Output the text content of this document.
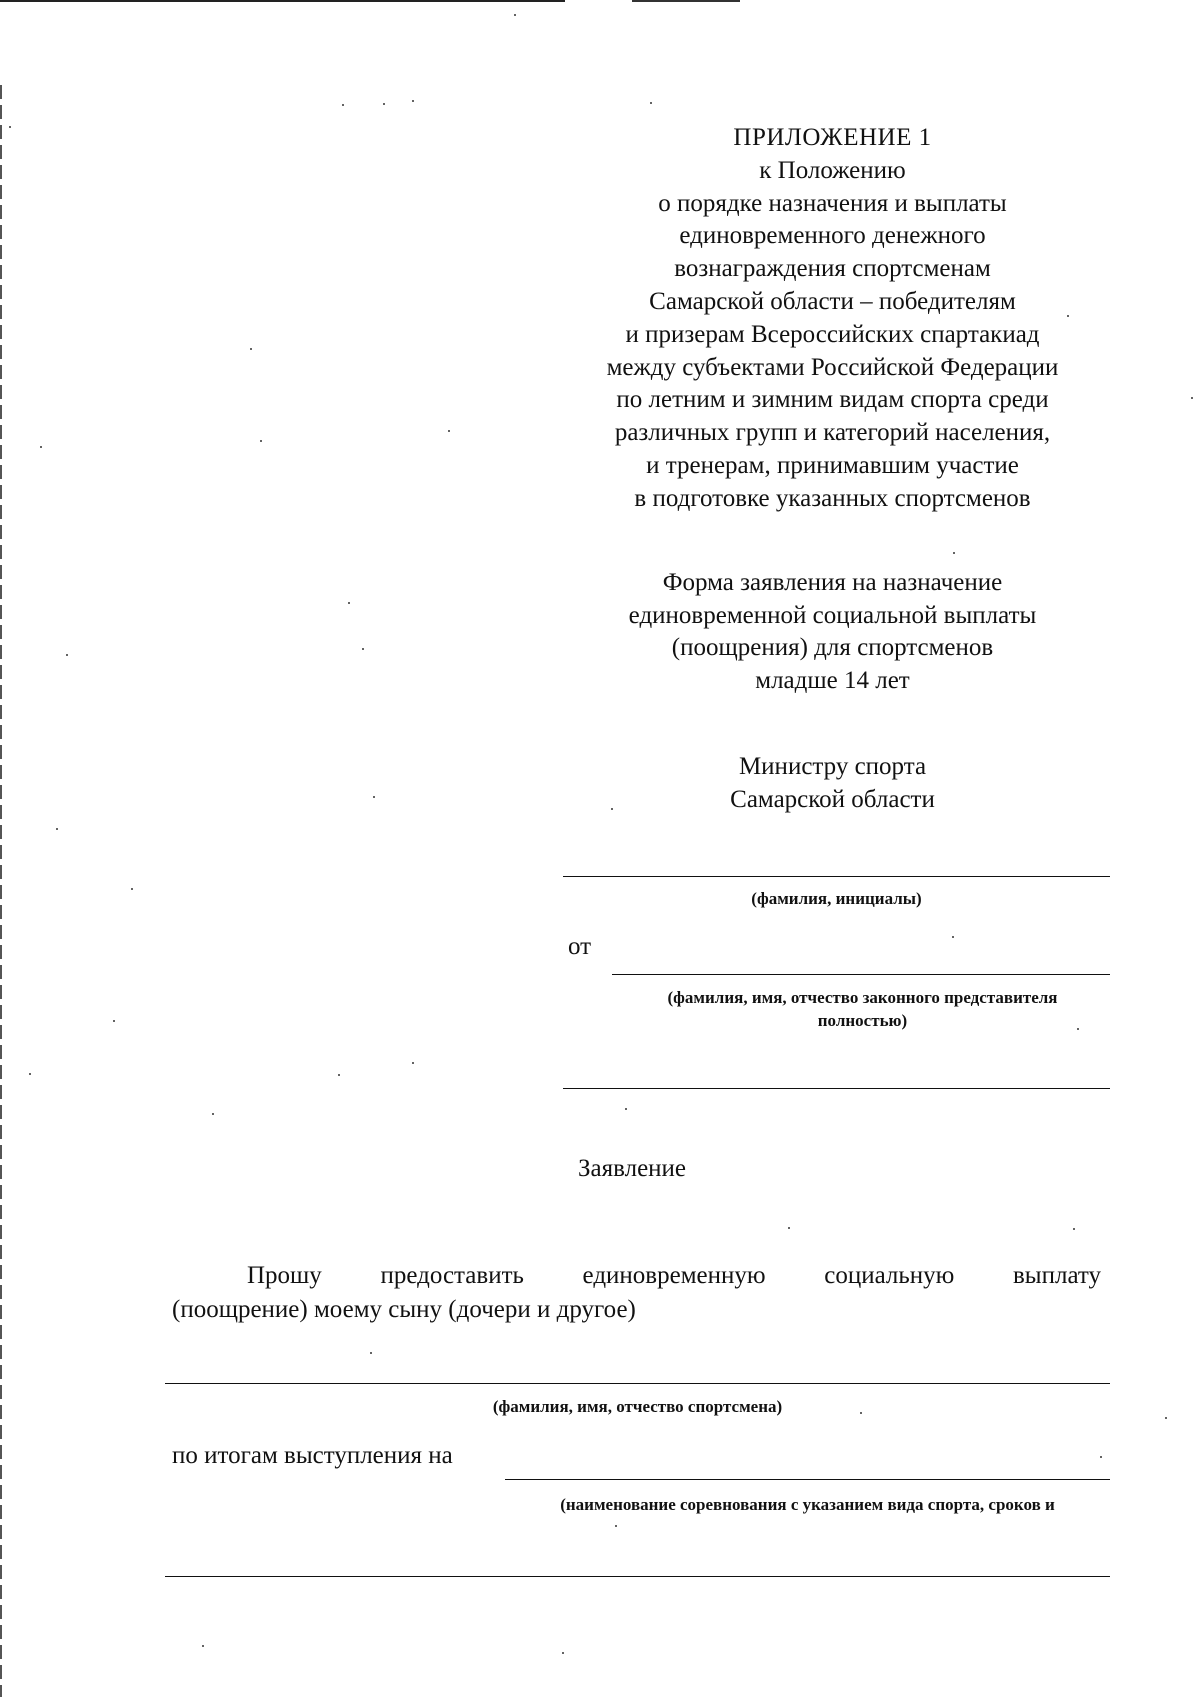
ПРИЛОЖЕНИЕ 1
к Положению
о порядке назначения и выплаты
единовременного денежного
вознаграждения спортсменам
Самарской области – победителям
и призерам Всероссийских спартакиад
между субъектами Российской Федерации
по летним и зимним видам спорта среди
различных групп и категорий населения,
и тренерам, принимавшим участие
в подготовке указанных спортсменов
Форма заявления на назначение
единовременной социальной выплаты
(поощрения) для спортсменов
младше 14 лет
Министру спорта
Самарской области
(фамилия, инициалы)
от
(фамилия, имя, отчество законного представителя
полностью)
Заявление
Прошу предоставить единовременную социальную выплату
(поощрение) моему сыну (дочери и другое)
(фамилия, имя, отчество спортсмена)
по итогам выступления на
(наименование соревнования с указанием вида спорта, сроков и
